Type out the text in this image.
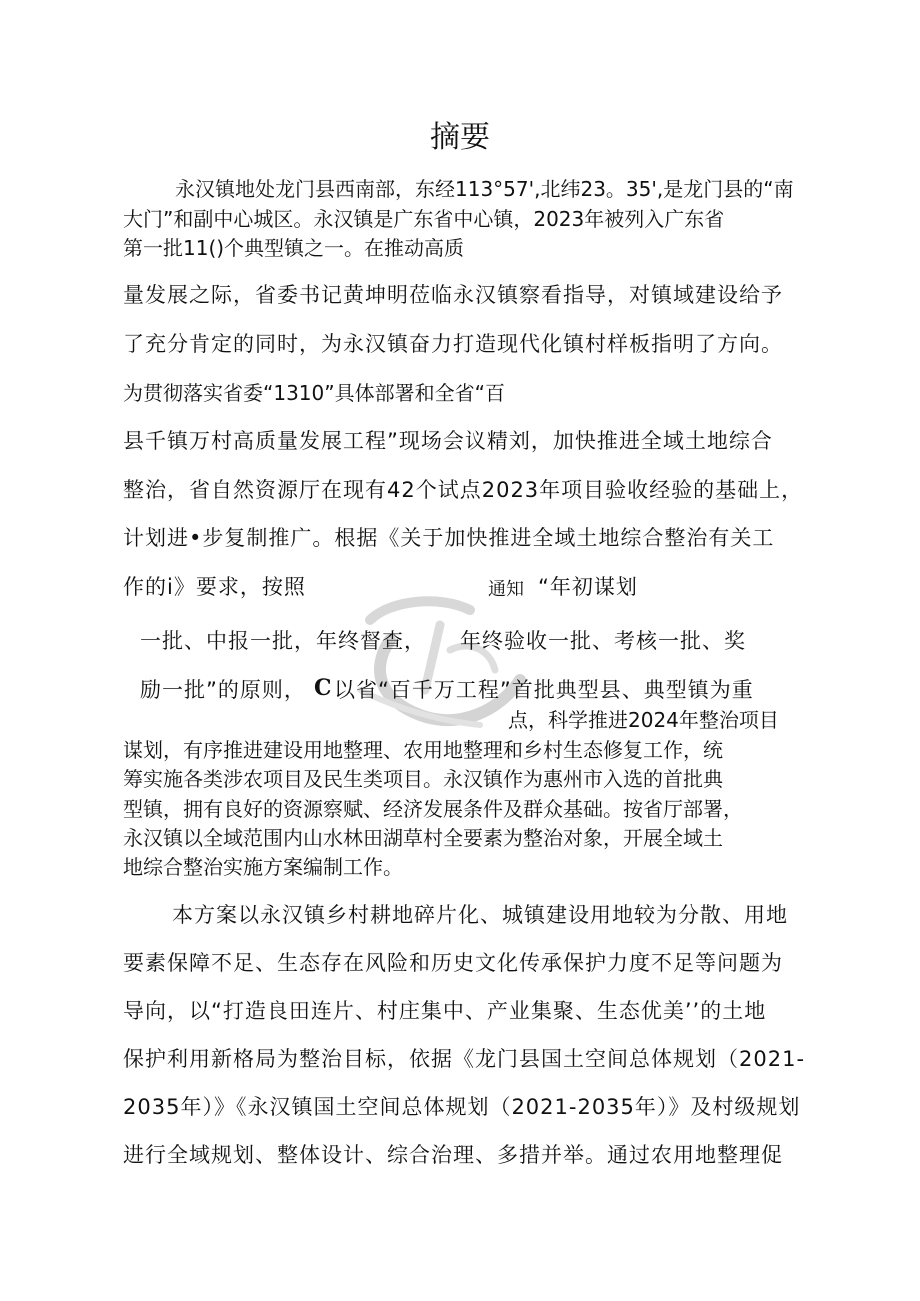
摘要
永汉镇地处龙门县西南部，东经113°57',北纬23。35',是龙门县的“南
大门”和副中心城区。永汉镇是广东省中心镇，2023年被列入广东省
第一批11()个典型镇之一。在推动高质
量发展之际，省委书记黄坤明莅临永汉镇察看指导，对镇域建设给予
了充分肯定的同时，为永汉镇奋力打造现代化镇村样板指明了方向。
为贯彻落实省委“1310”具体部署和全省“百
县千镇万村高质量发展工程”现场会议精刘，加快推进全域土地综合
整治，省自然资源厅在现有42个试点2023年项目验收经验的基础上，
计划进•步复制推广。根据《关于加快推进全域土地综合整治有关工
作的i》要求，按照	通知 “年初谋划
一批、中报一批，年终督查， 年终验收一批、考核一批、奖
励一批”的原则， C 以省“百千万工程”首批典型县、典型镇为重
点，科学推进2024年整治项目
谋划，有序推进建设用地整理、农用地整理和乡村生态修复工作，统
筹实施各类涉农项目及民生类项目。永汉镇作为惠州市入选的首批典
型镇，拥有良好的资源察赋、经济发展条件及群众基础。按省厅部署，
永汉镇以全域范围内山水林田湖草村全要素为整治对象，开展全域土
地综合整治实施方案编制工作。
本方案以永汉镇乡村耕地碎片化、城镇建设用地较为分散、用地
要素保障不足、生态存在风险和历史文化传承保护力度不足等问题为
导向，以“打造良田连片、村庄集中、产业集聚、生态优美’’的土地
保护利用新格局为整治目标，依据《龙门县国土空间总体规划（2021-
2035年）》《永汉镇国土空间总体规划（2021-2035年）》及村级规划
进行全域规划、整体设计、综合治理、多措并举。通过农用地整理促
